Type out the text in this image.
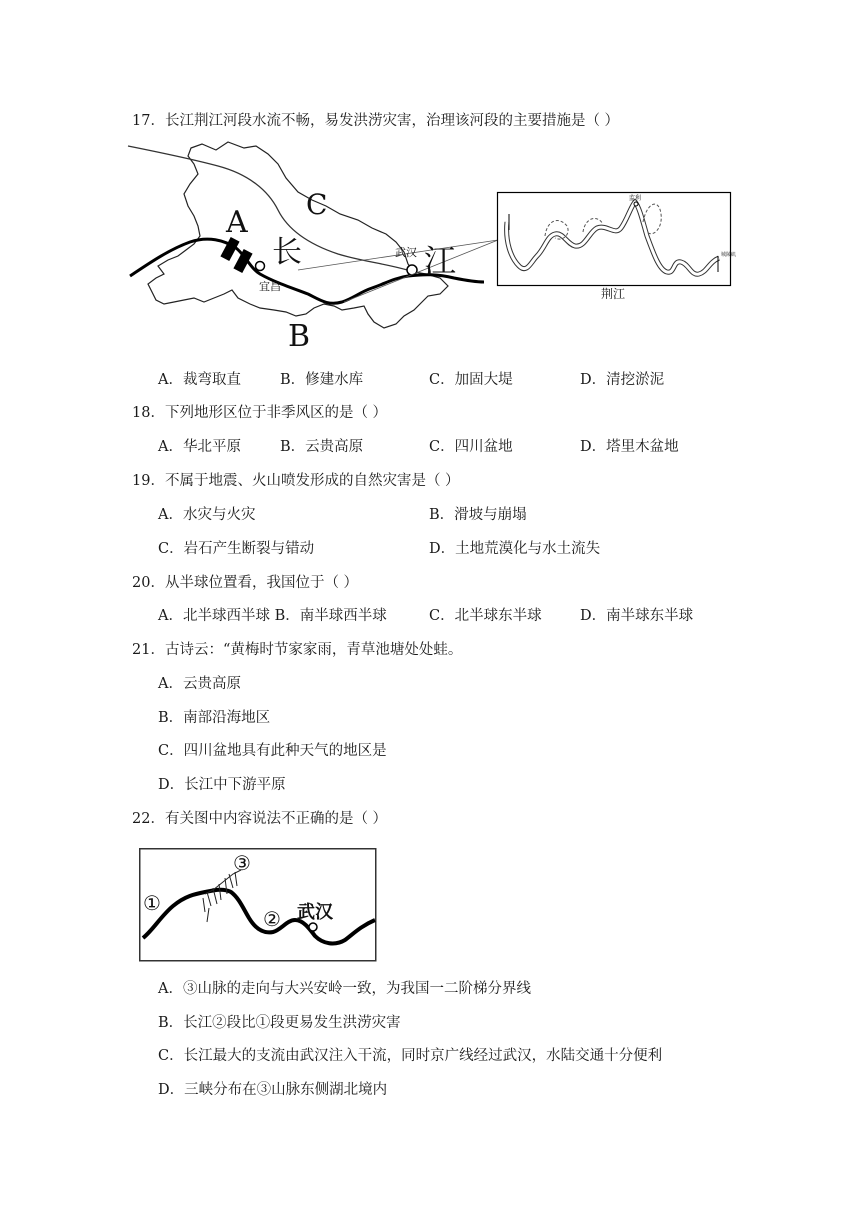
17．长江荆江河段水流不畅，易发洪涝灾害，治理该河段的主要措施是（ ）
A
C
B
长	江
宜昌
武汉
监利
城陵矶
荆江
A．裁弯取直	B．修建水库	C．加固大堤	D．清挖淤泥
18．下列地形区位于非季风区的是（ ）
A．华北平原	B．云贵高原	C．四川盆地	D．塔里木盆地
19．不属于地震、火山喷发形成的自然灾害是（ ）
A．水灾与火灾	B．滑坡与崩塌
C．岩石产生断裂与错动	D．土地荒漠化与水土流失
20．从半球位置看，我国位于（ ）
A．北半球西半球 B．南半球西半球	C．北半球东半球	D．南半球东半球
21．古诗云：“黄梅时节家家雨，青草池塘处处蛙。
A．云贵高原
B．南部沿海地区
C．四川盆地具有此种天气的地区是
D．长江中下游平原
22．有关图中内容说法不正确的是（ ）
①
②
③
武汉
A．③山脉的走向与大兴安岭一致，为我国一二阶梯分界线
B．长江②段比①段更易发生洪涝灾害
C．长江最大的支流由武汉注入干流，同时京广线经过武汉，水陆交通十分便利
D．三峡分布在③山脉东侧湖北境内
